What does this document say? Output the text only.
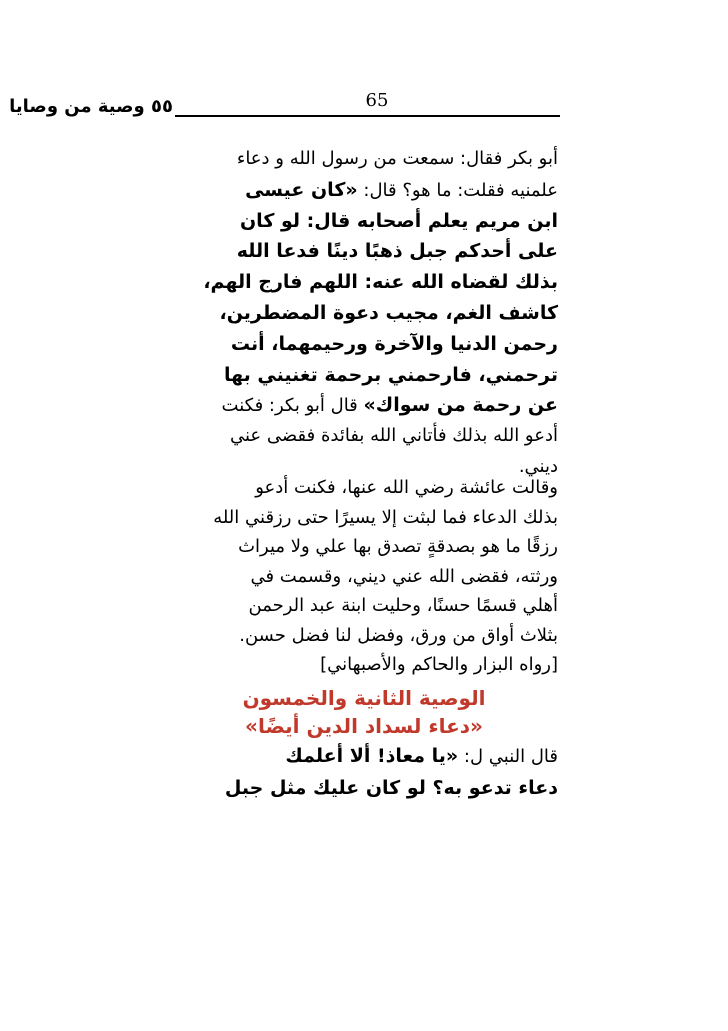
65
٥٥ وصية من وصايا
أبو بكر فقال: سمعت من رسول الله و دعاء
علمنيه فقلت: ما هو؟ قال: «كان عيسى
ابن مريم يعلم أصحابه قال: لو كان
على أحدكم جبل ذهبًا دينًا فدعا الله
بذلك لقضاه الله عنه: اللهم فارج الهم،
كاشف الغم، مجيب دعوة المضطرين،
رحمن الدنيا والآخرة ورحيمهما، أنت
ترحمني، فارحمني برحمة تغنيني بها
عن رحمة من سواك» قال أبو بكر: فكنت
أدعو الله بذلك فأتاني الله بفائدة فقضى عني
ديني.
وقالت عائشة رضي الله عنها، فكنت أدعو
بذلك الدعاء فما لبثت إلا يسيرًا حتى رزقني الله
رزقًا ما هو بصدقةٍ تصدق بها علي ولا ميراث
ورثته، فقضى الله عني ديني، وقسمت في
أهلي قسمًا حسنًا، وحليت ابنة عبد الرحمن
بثلاث أواق من ورق، وفضل لنا فضل حسن.
[رواه البزار والحاكم والأصبهاني]
الوصية الثانية والخمسون
«دعاء لسداد الدين أيضًا»
قال النبي ل: «يا معاذ! ألا أعلمك
دعاء تدعو به؟ لو كان عليك مثل جبل
